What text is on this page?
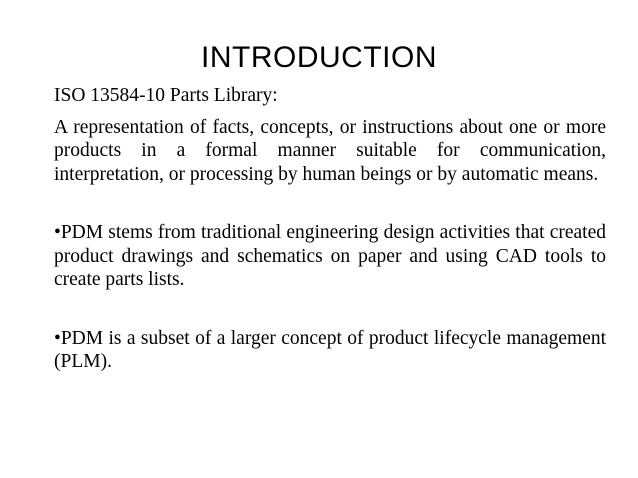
INTRODUCTION

ISO 13584-10 Parts Library:

A representation of facts, concepts, or instructions about one or more products in a formal manner suitable for communication, interpretation, or processing by human beings or by automatic means.

•PDM stems from traditional engineering design activities that created product drawings and schematics on paper and using CAD tools to create parts lists.

•PDM is a subset of a larger concept of product lifecycle management (PLM).
